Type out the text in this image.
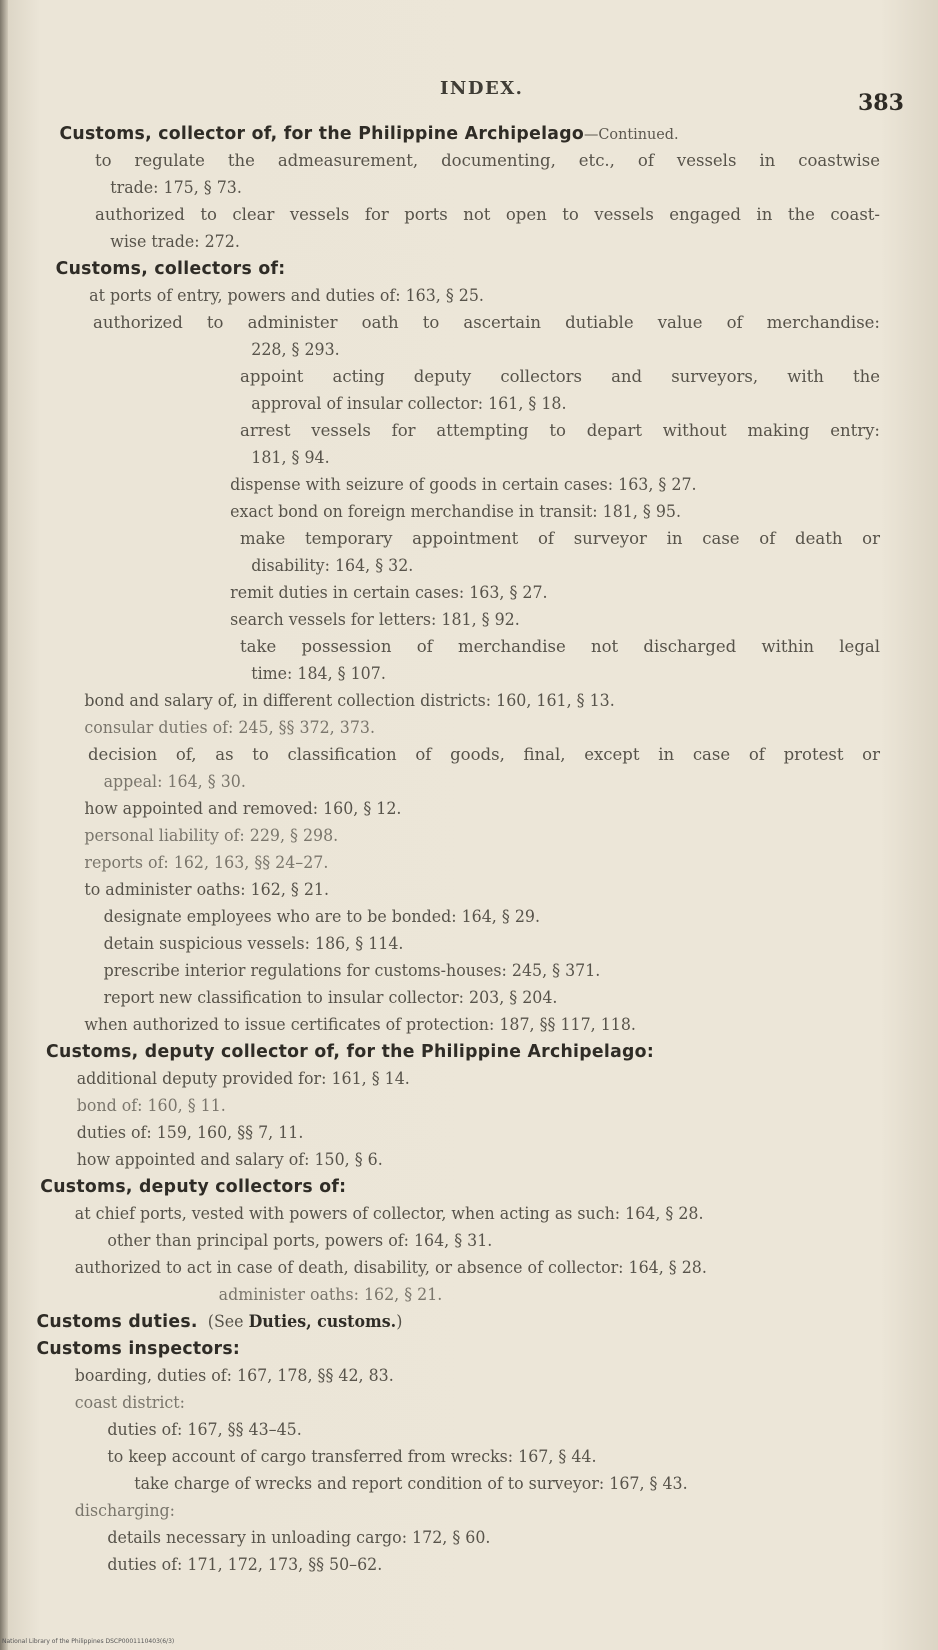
INDEX.
383
Customs, collector of, for the Philippine Archipelago—Continued.
to regulate the admeasurement, documenting, etc., of vessels in coastwise
trade: 175, § 73.
authorized to clear vessels for ports not open to vessels engaged in the coast-
wise trade: 272.
Customs, collectors of:
at ports of entry, powers and duties of: 163, § 25.
authorized to administer oath to ascertain dutiable value of merchandise:
228, § 293.
appoint acting deputy collectors and surveyors, with the
approval of insular collector: 161, § 18.
arrest vessels for attempting to depart without making entry:
181, § 94.
dispense with seizure of goods in certain cases: 163, § 27.
exact bond on foreign merchandise in transit: 181, § 95.
make temporary appointment of surveyor in case of death or
disability: 164, § 32.
remit duties in certain cases: 163, § 27.
search vessels for letters: 181, § 92.
take possession of merchandise not discharged within legal
time: 184, § 107.
bond and salary of, in different collection districts: 160, 161, § 13.
consular duties of: 245, §§ 372, 373.
decision of, as to classification of goods, final, except in case of protest or
appeal: 164, § 30.
how appointed and removed: 160, § 12.
personal liability of: 229, § 298.
reports of: 162, 163, §§ 24–27.
to administer oaths: 162, § 21.
designate employees who are to be bonded: 164, § 29.
detain suspicious vessels: 186, § 114.
prescribe interior regulations for customs-houses: 245, § 371.
report new classification to insular collector: 203, § 204.
when authorized to issue certificates of protection: 187, §§ 117, 118.
Customs, deputy collector of, for the Philippine Archipelago:
additional deputy provided for: 161, § 14.
bond of: 160, § 11.
duties of: 159, 160, §§ 7, 11.
how appointed and salary of: 150, § 6.
Customs, deputy collectors of:
at chief ports, vested with powers of collector, when acting as such: 164, § 28.
other than principal ports, powers of: 164, § 31.
authorized to act in case of death, disability, or absence of collector: 164, § 28.
administer oaths: 162, § 21.
Customs duties.  (See Duties, customs.)
Customs inspectors:
boarding, duties of: 167, 178, §§ 42, 83.
coast district:
duties of: 167, §§ 43–45.
to keep account of cargo transferred from wrecks: 167, § 44.
take charge of wrecks and report condition of to surveyor: 167, § 43.
discharging:
details necessary in unloading cargo: 172, § 60.
duties of: 171, 172, 173, §§ 50–62.
National Library of the Philippines DSCP0001110403(6/3)
